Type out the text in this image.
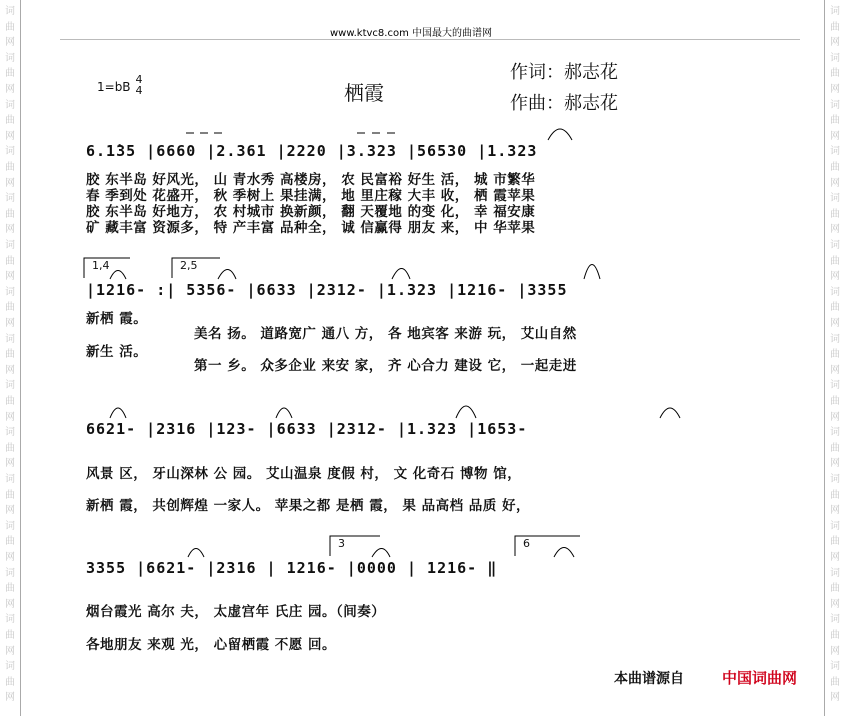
词
曲
网
词
曲
网
词
曲
网
词
曲
网
词
曲
网
词
曲
网
词
曲
网
词
曲
网
词
曲
网
词
曲
网
词
曲
网
词
曲
网
词
曲
网
词
曲
网
词
曲
网
词
曲
网
词
曲
网
词
曲
网
词
曲
网
词
曲
网
词
曲
网
词
曲
网
词
曲
网
词
曲
网
词
曲
网
词
曲
网
词
曲
网
词
曲
网
词
曲
网
词
曲
网
www.ktvc8.com 中国最大的曲谱网
1=bB
4
4	栖霞
作词：郝志花
作曲：郝志花
6.1̇35 |6660 |2.361 |2220 |3.323 |56530 |1.323
胶 东半岛 好风光， 山 青水秀 高楼房， 农 民富裕 好生 活， 城 市繁华
春 季到处 花盛开， 秋 季树上 果挂满， 地 里庄稼 大丰 收， 栖 霞苹果
胶 东半岛 好地方， 农 村城市 换新颜， 翻 天覆地 的变 化， 幸 福安康
矿 藏丰富 资源多， 特 产丰富 品种全， 诚 信赢得 朋友 来， 中 华苹果
1,4	2,5
|1216- :| 5356- |6633 |2312- |1.323 |1216- |3355
新栖 霞。
美名 扬。 道路宽广 通八 方， 各 地宾客 来游 玩， 艾山自然
新生 活。
第一 乡。 众多企业 来安 家， 齐 心合力 建设 它， 一起走进
6621- |2316 |123- |6633 |2312- |1.323 |1653-
风景 区， 牙山深林 公 园。 艾山温泉 度假 村， 文 化奇石 博物 馆，
新栖 霞， 共创辉煌 一家人。 苹果之都 是栖 霞， 果 品高档 品质 好，
3	6
3355 |6621- |2316 | 1216- |0000 | 1216- ‖
烟台霞光 高尔 夫， 太虚宫年 氏庄 园。（间奏）
各地朋友 来观 光， 心留栖霞 不愿 回。
本曲谱源自	中国词曲网
